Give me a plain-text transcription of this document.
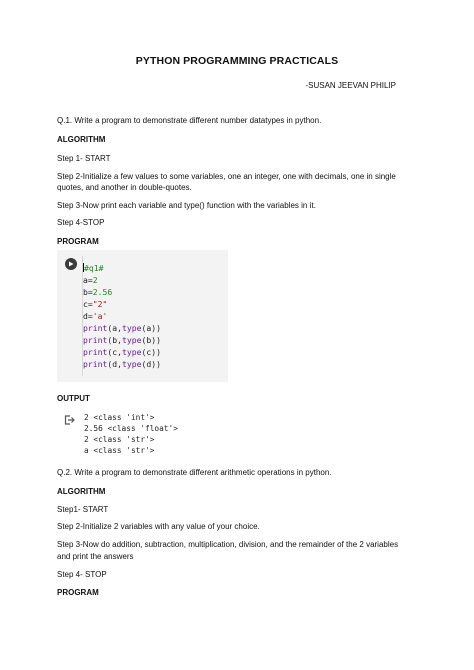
PYTHON PROGRAMMING PRACTICALS
-SUSAN JEEVAN PHILIP
Q.1. Write a program to demonstrate different number datatypes in python.
ALGORITHM
Step 1- START
Step 2-Initialize a few values to some variables, one an integer, one with decimals, one in single
quotes, and another in double-quotes.
Step 3-Now print each variable and type() function with the variables in it.
Step 4-STOP
PROGRAM
#q1#
a=2
b=2.56
c="2"
d='a'
print(a,type(a))
print(b,type(b))
print(c,type(c))
print(d,type(d))
OUTPUT
2 <class 'int'>
2.56 <class 'float'>
2 <class 'str'>
a <class 'str'>
Q.2. Write a program to demonstrate different arithmetic operations in python.
ALGORITHM
Step1- START
Step 2-Initialize 2 variables with any value of your choice.
Step 3-Now do addition, subtraction, multiplication, division, and the remainder of the 2 variables
and print the answers
Step 4- STOP
PROGRAM
